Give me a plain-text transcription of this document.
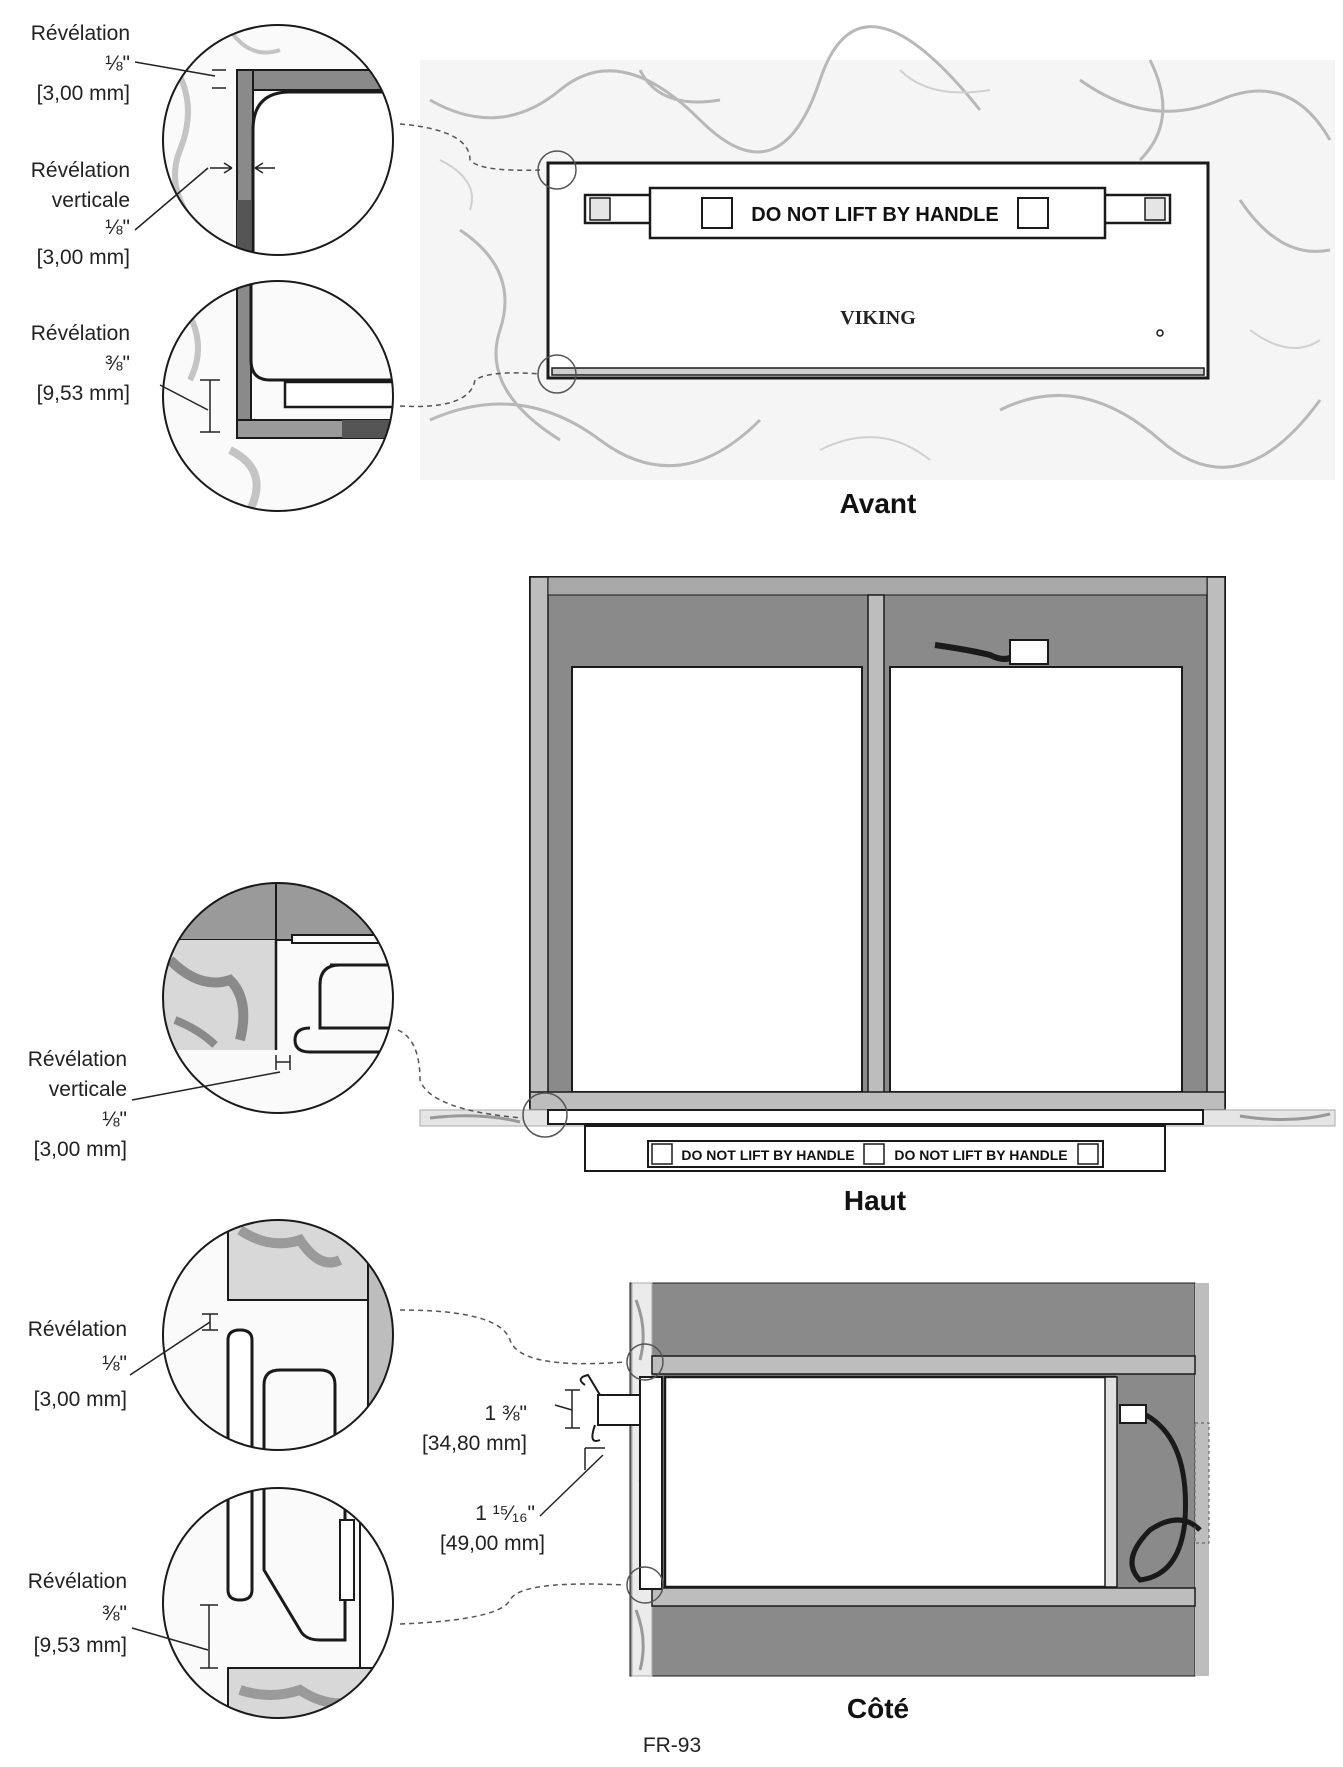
DO NOT LIFT BY HANDLE
VIKING
Avant
Révélation
⅛"
[3,00 mm]
Révélation
verticale
⅛"
[3,00 mm]
Révélation
⅜"
[9,53 mm]
DO NOT LIFT BY HANDLE	DO NOT LIFT BY HANDLE
Haut
Révélation
verticale
⅛"
[3,00 mm]
Côté
1 ⅜"
[34,80 mm]
1 ¹⁵⁄₁₆"
[49,00 mm]
Révélation
⅛"
[3,00 mm]
Révélation
⅜"
[9,53 mm]
FR-93
